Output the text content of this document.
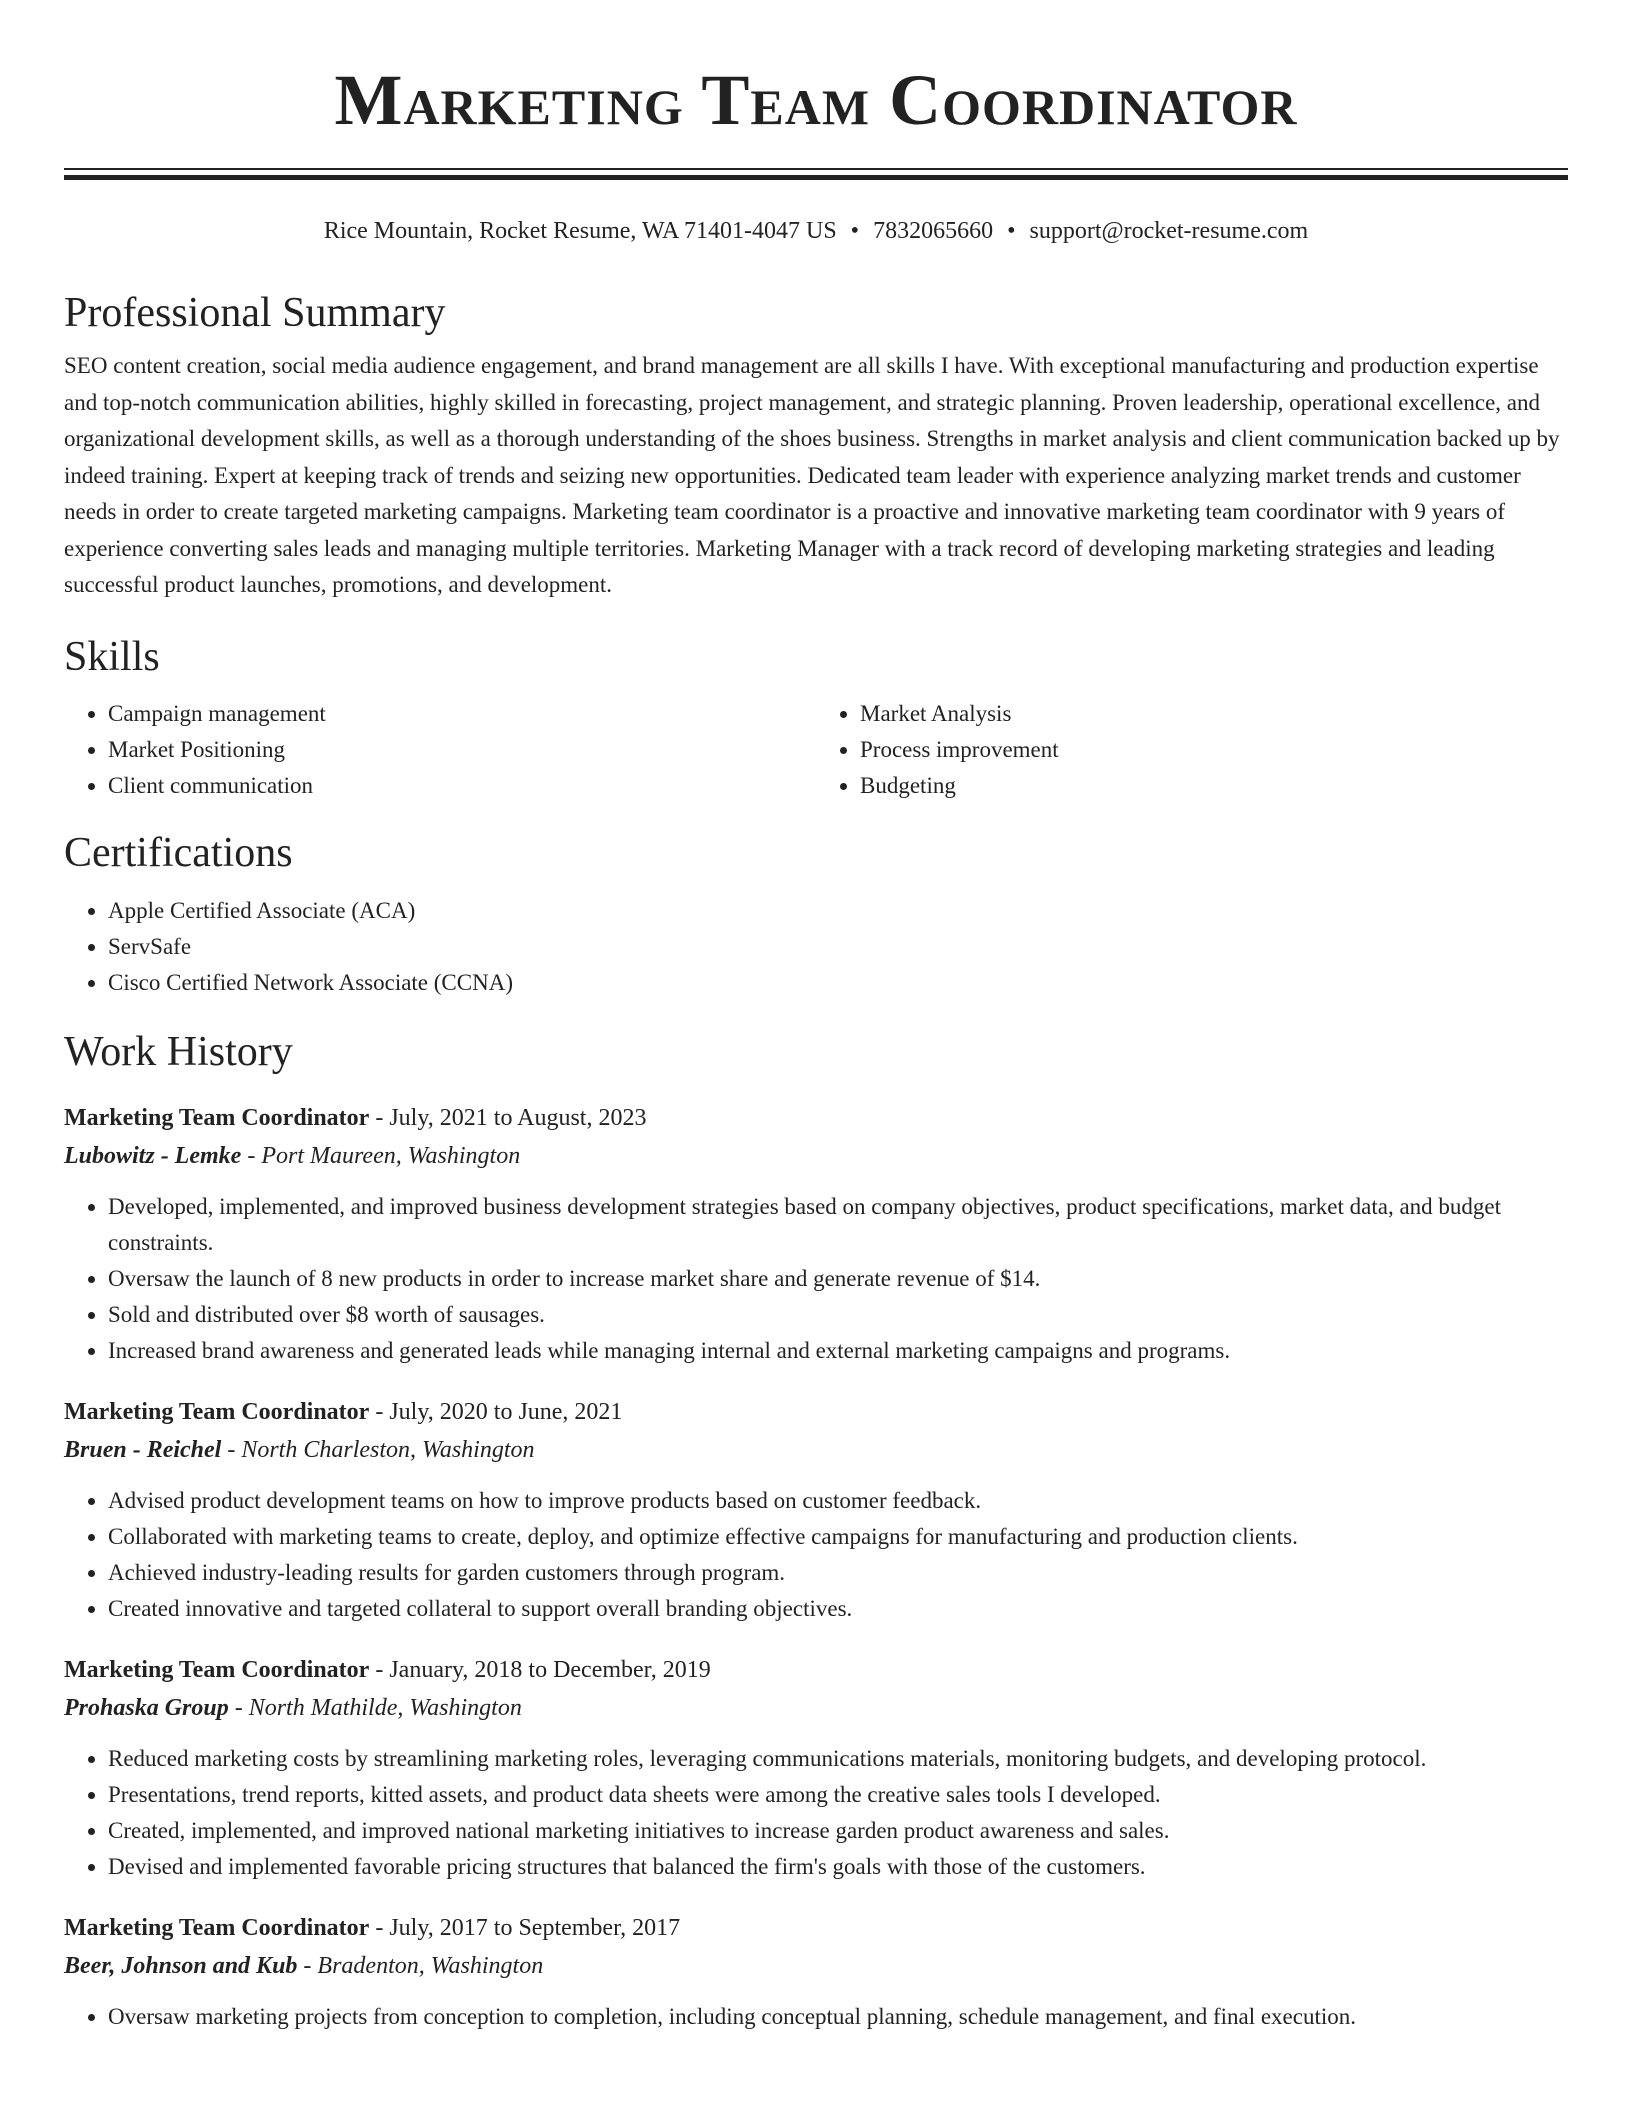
Marketing Team Coordinator
Rice Mountain, Rocket Resume, WA 71401-4047 US • 7832065660 • support@rocket-resume.com
Professional Summary

SEO content creation, social media audience engagement, and brand management are all skills I have. With exceptional manufacturing and production expertise and top-notch communication abilities, highly skilled in forecasting, project management, and strategic planning. Proven leadership, operational excellence, and organizational development skills, as well as a thorough understanding of the shoes business. Strengths in market analysis and client communication backed up by indeed training. Expert at keeping track of trends and seizing new opportunities. Dedicated team leader with experience analyzing market trends and customer needs in order to create targeted marketing campaigns. Marketing team coordinator is a proactive and innovative marketing team coordinator with 9 years of experience converting sales leads and managing multiple territories. Marketing Manager with a track record of developing marketing strategies and leading successful product launches, promotions, and development.

Skills
• Campaign management
• Market Positioning
• Client communication
• Market Analysis
• Process improvement
• Budgeting
Certifications
• Apple Certified Associate (ACA)
• ServSafe
• Cisco Certified Network Associate (CCNA)
Work History
Marketing Team Coordinator - July, 2021 to August, 2023
Lubowitz - Lemke - Port Maureen, Washington
• Developed, implemented, and improved business development strategies based on company objectives, product specifications, market data, and budget constraints.
• Oversaw the launch of 8 new products in order to increase market share and generate revenue of $14.
• Sold and distributed over $8 worth of sausages.
• Increased brand awareness and generated leads while managing internal and external marketing campaigns and programs.
Marketing Team Coordinator - July, 2020 to June, 2021
Bruen - Reichel - North Charleston, Washington
• Advised product development teams on how to improve products based on customer feedback.
• Collaborated with marketing teams to create, deploy, and optimize effective campaigns for manufacturing and production clients.
• Achieved industry-leading results for garden customers through program.
• Created innovative and targeted collateral to support overall branding objectives.
Marketing Team Coordinator - January, 2018 to December, 2019
Prohaska Group - North Mathilde, Washington
• Reduced marketing costs by streamlining marketing roles, leveraging communications materials, monitoring budgets, and developing protocol.
• Presentations, trend reports, kitted assets, and product data sheets were among the creative sales tools I developed.
• Created, implemented, and improved national marketing initiatives to increase garden product awareness and sales.
• Devised and implemented favorable pricing structures that balanced the firm's goals with those of the customers.
Marketing Team Coordinator - July, 2017 to September, 2017
Beer, Johnson and Kub - Bradenton, Washington
• Oversaw marketing projects from conception to completion, including conceptual planning, schedule management, and final execution.
